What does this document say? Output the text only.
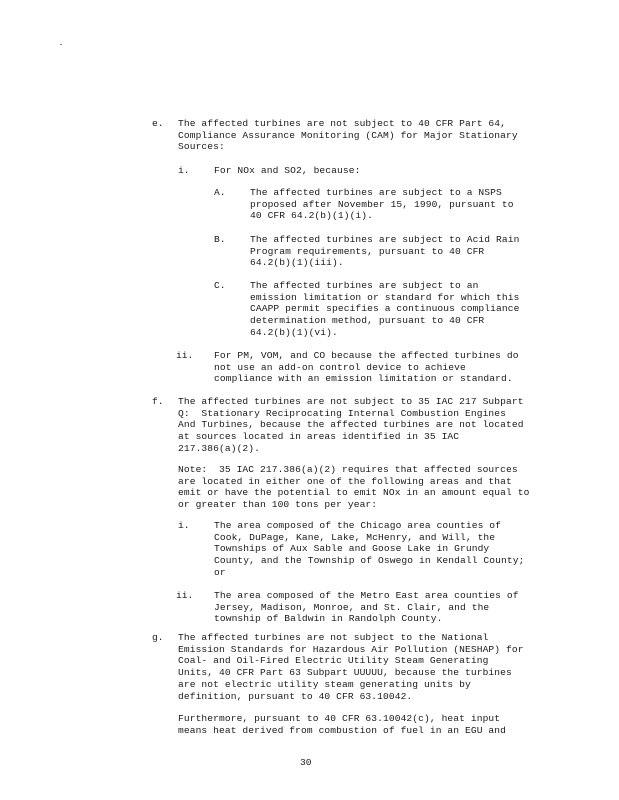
e. The affected turbines are not subject to 40 CFR Part 64,
Compliance Assurance Monitoring (CAM) for Major Stationary
Sources:
i.	For NOx and SO2, because:
A.	The affected turbines are subject to a NSPS
proposed after November 15, 1990, pursuant to
40 CFR 64.2(b)(1)(i).
B.	The affected turbines are subject to Acid Rain
Program requirements, pursuant to 40 CFR
64.2(b)(1)(iii).
C.	The affected turbines are subject to an
emission limitation or standard for which this
CAAPP permit specifies a continuous compliance
determination method, pursuant to 40 CFR
64.2(b)(1)(vi).
ii. For PM, VOM, and CO because the affected turbines do
not use an add-on control device to achieve
compliance with an emission limitation or standard.
f. The affected turbines are not subject to 35 IAC 217 Subpart
Q:  Stationary Reciprocating Internal Combustion Engines
And Turbines, because the affected turbines are not located
at sources located in areas identified in 35 IAC
217.386(a)(2).
Note:  35 IAC 217.386(a)(2) requires that affected sources
are located in either one of the following areas and that
emit or have the potential to emit NOx in an amount equal to
or greater than 100 tons per year:
i.	The area composed of the Chicago area counties of
Cook, DuPage, Kane, Lake, McHenry, and Will, the
Townships of Aux Sable and Goose Lake in Grundy
County, and the Township of Oswego in Kendall County;
or
ii. The area composed of the Metro East area counties of
Jersey, Madison, Monroe, and St. Clair, and the
township of Baldwin in Randolph County.
g. The affected turbines are not subject to the National
Emission Standards for Hazardous Air Pollution (NESHAP) for
Coal- and Oil-Fired Electric Utility Steam Generating
Units, 40 CFR Part 63 Subpart UUUUU, because the turbines
are not electric utility steam generating units by
definition, pursuant to 40 CFR 63.10042.
Furthermore, pursuant to 40 CFR 63.10042(c), heat input
means heat derived from combustion of fuel in an EGU and
30
